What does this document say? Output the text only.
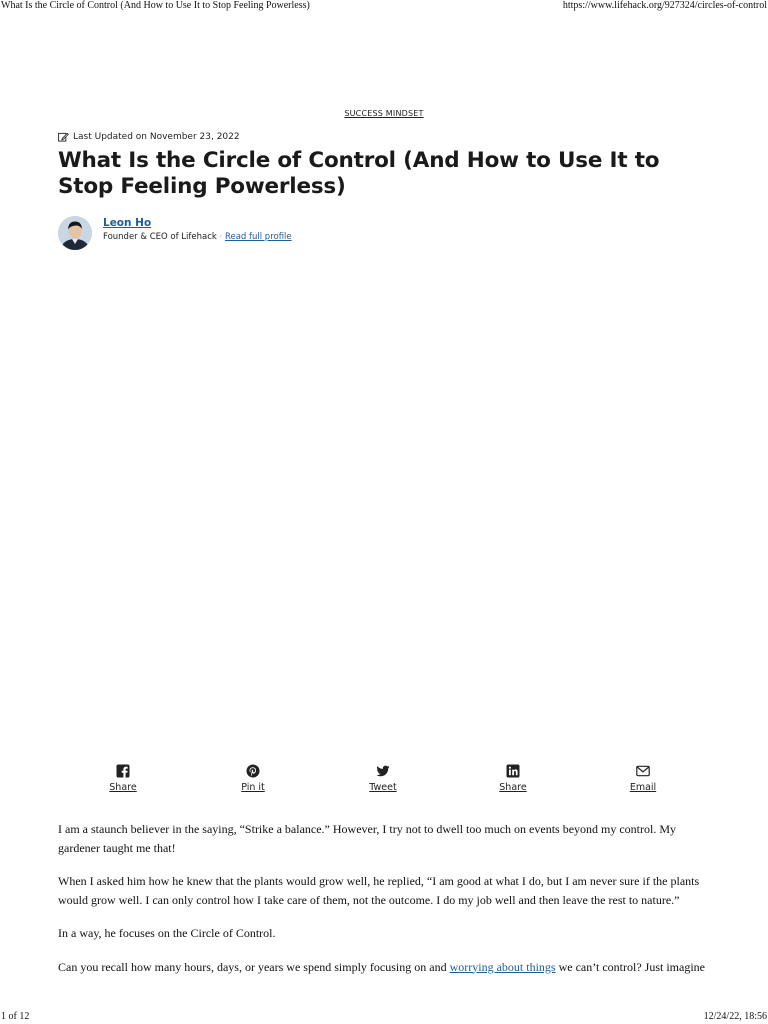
What Is the Circle of Control (And How to Use It to Stop Feeling Powerless)	https://www.lifehack.org/927324/circles-of-control
SUCCESS MINDSET
Last Updated on November 23, 2022
What Is the Circle of Control (And How to Use It to Stop Feeling Powerless)
Leon Ho
Founder & CEO of Lifehack · Read full profile
Share	Pin it	Tweet	Share	Email

I am a staunch believer in the saying, “Strike a balance.” However, I try not to dwell too much on events beyond my control. My gardener taught me that!

When I asked him how he knew that the plants would grow well, he replied, “I am good at what I do, but I am never sure if the plants would grow well. I can only control how I take care of them, not the outcome. I do my job well and then leave the rest to nature.”

In a way, he focuses on the Circle of Control.

Can you recall how many hours, days, or years we spend simply focusing on and worrying about things we can’t control? Just imagine

1 of 12	12/24/22, 18:56
